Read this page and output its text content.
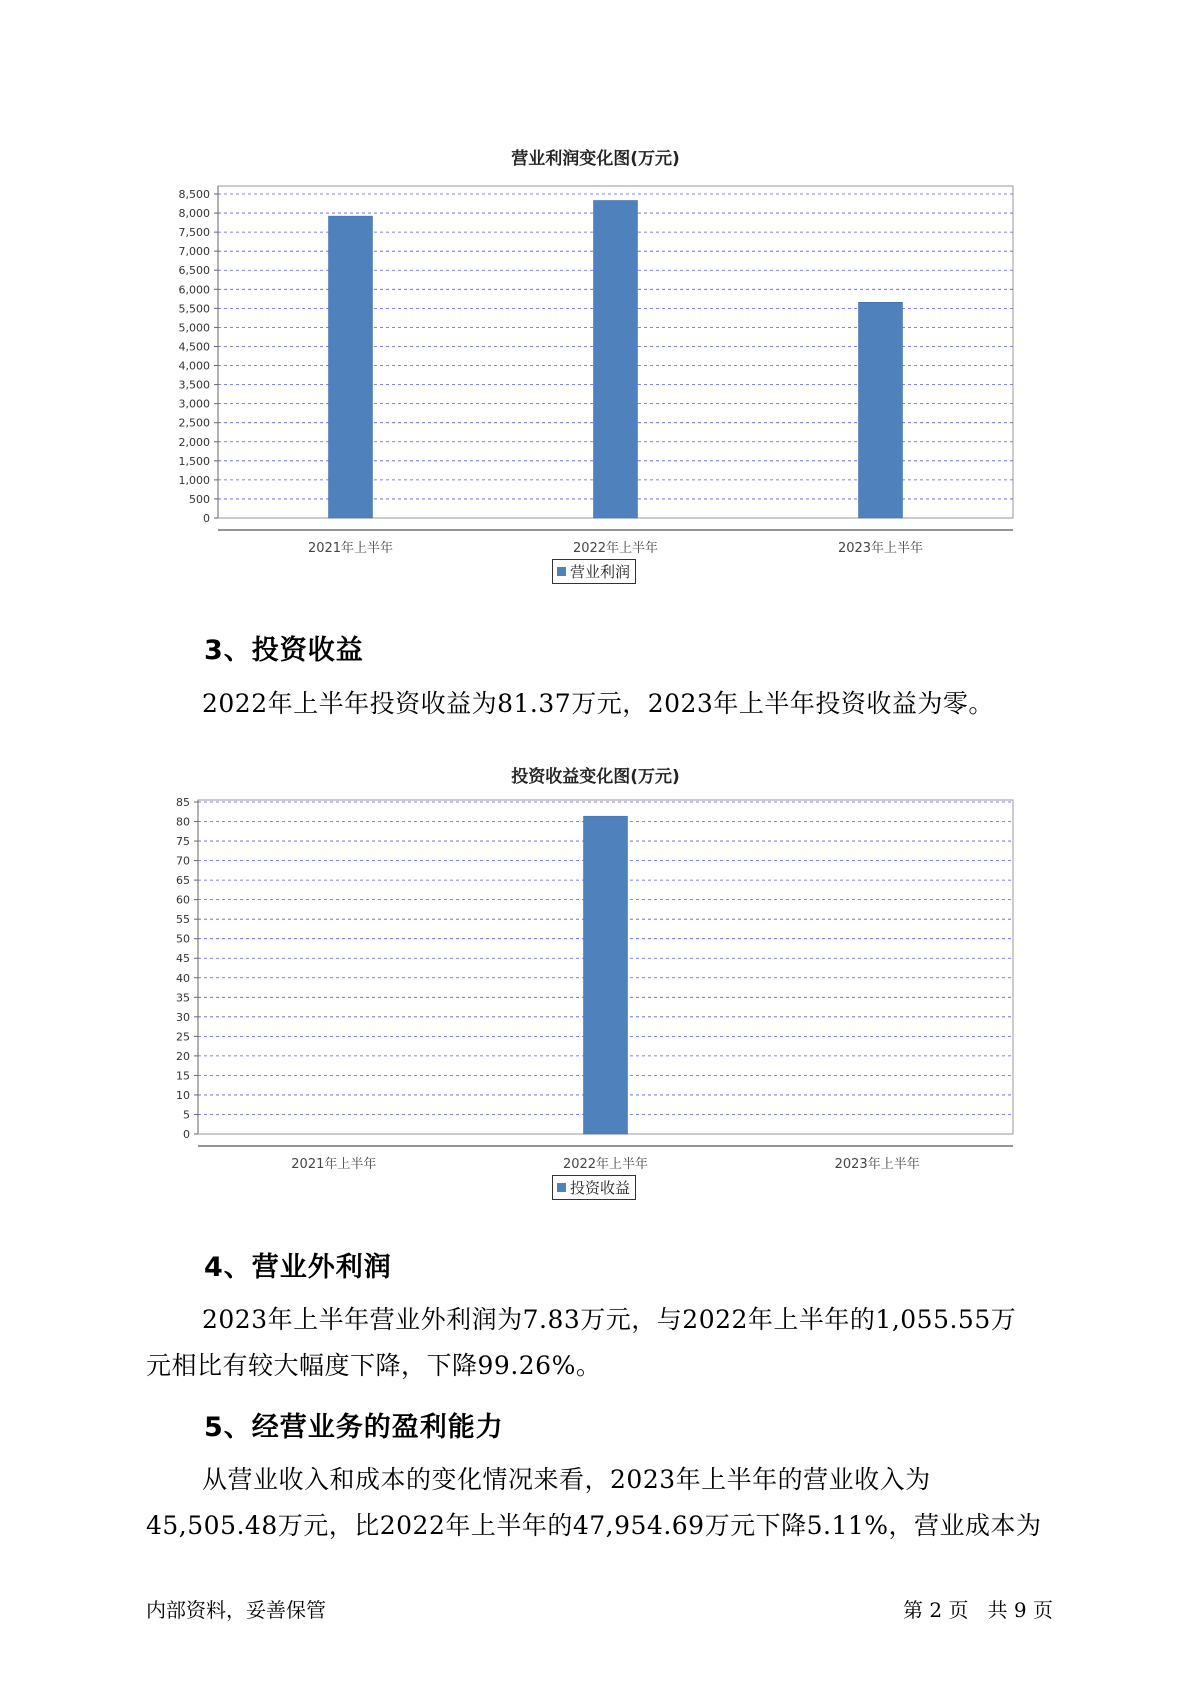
营业利润变化图(万元)
0
500
1,000
1,500
2,000
2,500
3,000
3,500
4,000
4,500
5,000
5,500
6,000
6,500
7,000
7,500
8,000
8,500
2021年上半年	2022年上半年	2023年上半年
营业利润
3、投资收益

2022年上半年投资收益为81.37万元，2023年上半年投资收益为零。

投资收益变化图(万元)
0
5
10
15
20
25
30
35
40
45
50
55
60
65
70
75
80
85
2021年上半年	2022年上半年	2023年上半年
投资收益
4、营业外利润

2023年上半年营业外利润为7.83万元，与2022年上半年的1,055.55万
元相比有较大幅度下降，下降99.26%。

5、经营业务的盈利能力

从营业收入和成本的变化情况来看，2023年上半年的营业收入为
45,505.48万元，比2022年上半年的47,954.69万元下降5.11%，营业成本为

内部资料，妥善保管	第 2 页   共 9 页
